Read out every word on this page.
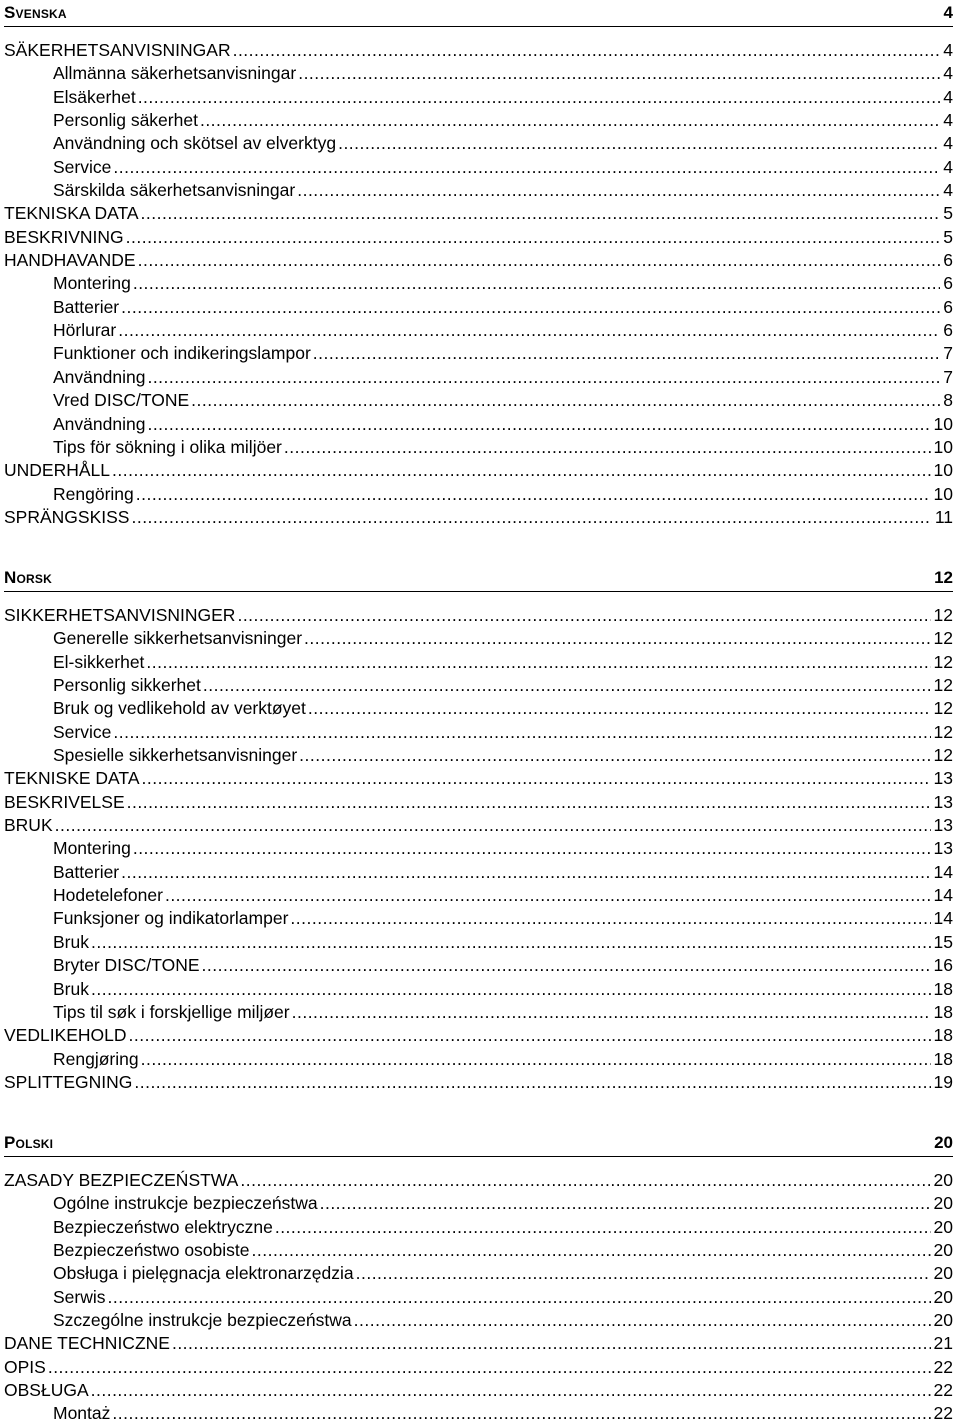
Svenska	4
SÄKERHETSANVISNINGAR .....	4
Allmänna säkerhetsanvisningar .....	4
Elsäkerhet .....	4
Personlig säkerhet .....	4
Användning och skötsel av elverktyg .....	4
Service .....	4
Särskilda säkerhetsanvisningar .....	4
TEKNISKA DATA .....	5
BESKRIVNING .....	5
HANDHAVANDE .....	6
Montering .....	6
Batterier .....	6
Hörlurar .....	6
Funktioner och indikeringslampor .....	7
Användning .....	7
Vred DISC/TONE .....	8
Användning .....	10
Tips för sökning i olika miljöer .....	10
UNDERHÅLL .....	10
Rengöring .....	10
SPRÄNGSKISS .....	11
Norsk	12
SIKKERHETSANVISNINGER .....	12
Generelle sikkerhetsanvisninger .....	12
El-sikkerhet .....	12
Personlig sikkerhet .....	12
Bruk og vedlikehold av verktøyet .....	12
Service .....	12
Spesielle sikkerhetsanvisninger .....	12
TEKNISKE DATA .....	13
BESKRIVELSE .....	13
BRUK .....	13
Montering .....	13
Batterier .....	14
Hodetelefoner .....	14
Funksjoner og indikatorlamper .....	14
Bruk .....	15
Bryter DISC/TONE .....	16
Bruk .....	18
Tips til søk i forskjellige miljøer .....	18
VEDLIKEHOLD .....	18
Rengjøring .....	18
SPLITTEGNING .....	19
Polski	20
ZASADY BEZPIECZEŃSTWA .....	20
Ogólne instrukcje bezpieczeństwa .....	20
Bezpieczeństwo elektryczne .....	20
Bezpieczeństwo osobiste .....	20
Obsługa i pielęgnacja elektronarzędzia .....	20
Serwis .....	20
Szczególne instrukcje bezpieczeństwa .....	20
DANE TECHNICZNE .....	21
OPIS .....	22
OBSŁUGA .....	22
Montaż .....	22
